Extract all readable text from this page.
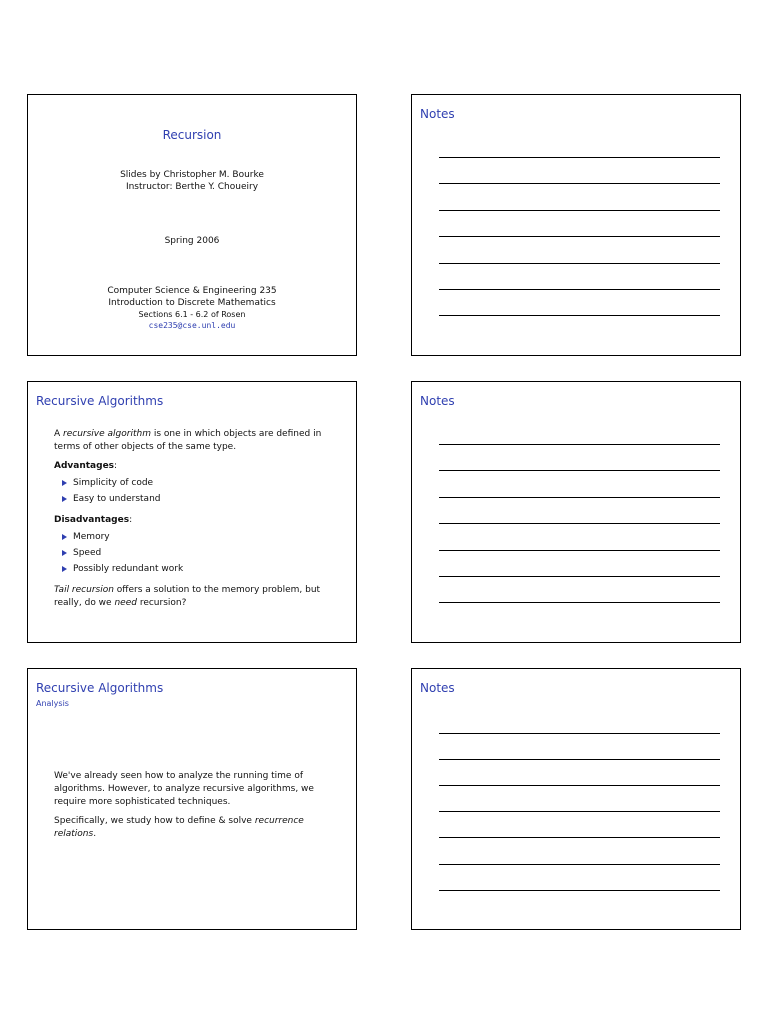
Recursion
Slides by Christopher M. Bourke
Instructor: Berthe Y. Choueiry
Spring 2006
Computer Science & Engineering 235
Introduction to Discrete Mathematics
Sections 6.1 - 6.2 of Rosen
cse235@cse.unl.edu
Notes
Recursive Algorithms

A recursive algorithm is one in which objects are defined in terms of other objects of the same type.

Advantages:
Simplicity of code
Easy to understand
Disadvantages:
Memory
Speed
Possibly redundant work

Tail recursion offers a solution to the memory problem, but really, do we need recursion?

Notes
Recursive Algorithms
Analysis

We've already seen how to analyze the running time of algorithms. However, to analyze recursive algorithms, we require more sophisticated techniques.

Specifically, we study how to define & solve recurrence relations.

Notes
